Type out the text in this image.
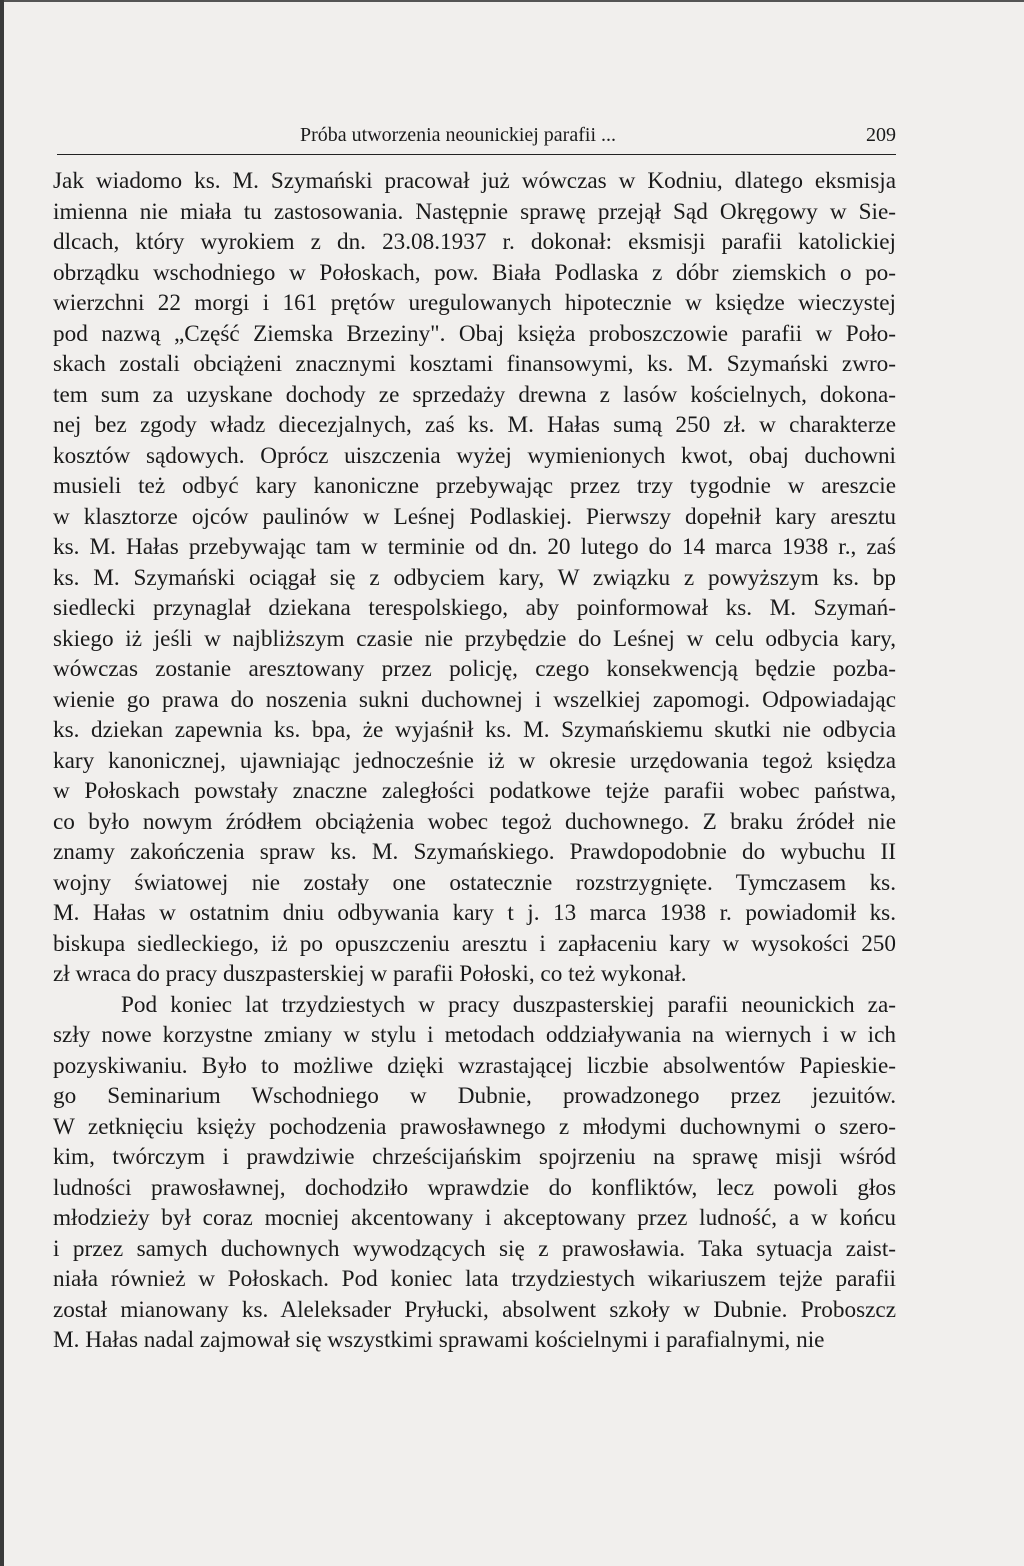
Próba utworzenia neounickiej parafii ...	209
Jak wiadomo ks. M. Szymański pracował już wówczas w Kodniu, dlatego eksmisja
imienna nie miała tu zastosowania. Następnie sprawę przejął Sąd Okręgowy w Sie-
dlcach, który wyrokiem z dn. 23.08.1937 r. dokonał: eksmisji parafii katolickiej
obrządku wschodniego w Połoskach, pow. Biała Podlaska z dóbr ziemskich o po-
wierzchni 22 morgi i 161 prętów uregulowanych hipotecznie w księdze wieczystej
pod nazwą „Część Ziemska Brzeziny". Obaj księża proboszczowie parafii w Poło-
skach zostali obciążeni znacznymi kosztami finansowymi, ks. M. Szymański zwro-
tem sum za uzyskane dochody ze sprzedaży drewna z lasów kościelnych, dokona-
nej bez zgody władz diecezjalnych, zaś ks. M. Hałas sumą 250 zł. w charakterze
kosztów sądowych. Oprócz uiszczenia wyżej wymienionych kwot, obaj duchowni
musieli też odbyć kary kanoniczne przebywając przez trzy tygodnie w areszcie
w klasztorze ojców paulinów w Leśnej Podlaskiej. Pierwszy dopełnił kary aresztu
ks. M. Hałas przebywając tam w terminie od dn. 20 lutego do 14 marca 1938 r., zaś
ks. M. Szymański ociągał się z odbyciem kary, W związku z powyższym ks. bp
siedlecki przynaglał dziekana terespolskiego, aby poinformował ks. M. Szymań-
skiego iż jeśli w najbliższym czasie nie przybędzie do Leśnej w celu odbycia kary,
wówczas zostanie aresztowany przez policję, czego konsekwencją będzie pozba-
wienie go prawa do noszenia sukni duchownej i wszelkiej zapomogi. Odpowiadając
ks. dziekan zapewnia ks. bpa, że wyjaśnił ks. M. Szymańskiemu skutki nie odbycia
kary kanonicznej, ujawniając jednocześnie iż w okresie urzędowania tegoż księdza
w Połoskach powstały znaczne zaległości podatkowe tejże parafii wobec państwa,
co było nowym źródłem obciążenia wobec tegoż duchownego. Z braku źródeł nie
znamy zakończenia spraw ks. M. Szymańskiego. Prawdopodobnie do wybuchu II
wojny światowej nie zostały one ostatecznie rozstrzygnięte. Tymczasem ks.
M. Hałas w ostatnim dniu odbywania kary t j. 13 marca 1938 r. powiadomił ks.
biskupa siedleckiego, iż po opuszczeniu aresztu i zapłaceniu kary w wysokości 250
zł wraca do pracy duszpasterskiej w parafii Połoski, co też wykonał.
Pod koniec lat trzydziestych w pracy duszpasterskiej parafii neounickich za-
szły nowe korzystne zmiany w stylu i metodach oddziaływania na wiernych i w ich
pozyskiwaniu. Było to możliwe dzięki wzrastającej liczbie absolwentów Papieskie-
go Seminarium Wschodniego w Dubnie, prowadzonego przez jezuitów.
W zetknięciu księży pochodzenia prawosławnego z młodymi duchownymi o szero-
kim, twórczym i prawdziwie chrześcijańskim spojrzeniu na sprawę misji wśród
ludności prawosławnej, dochodziło wprawdzie do konfliktów, lecz powoli głos
młodzieży był coraz mocniej akcentowany i akceptowany przez ludność, a w końcu
i przez samych duchownych wywodzących się z prawosławia. Taka sytuacja zaist-
niała również w Połoskach. Pod koniec lata trzydziestych wikariuszem tejże parafii
został mianowany ks. Aleleksader Pryłucki, absolwent szkoły w Dubnie. Proboszcz
M. Hałas nadal zajmował się wszystkimi sprawami kościelnymi i parafialnymi, nie
